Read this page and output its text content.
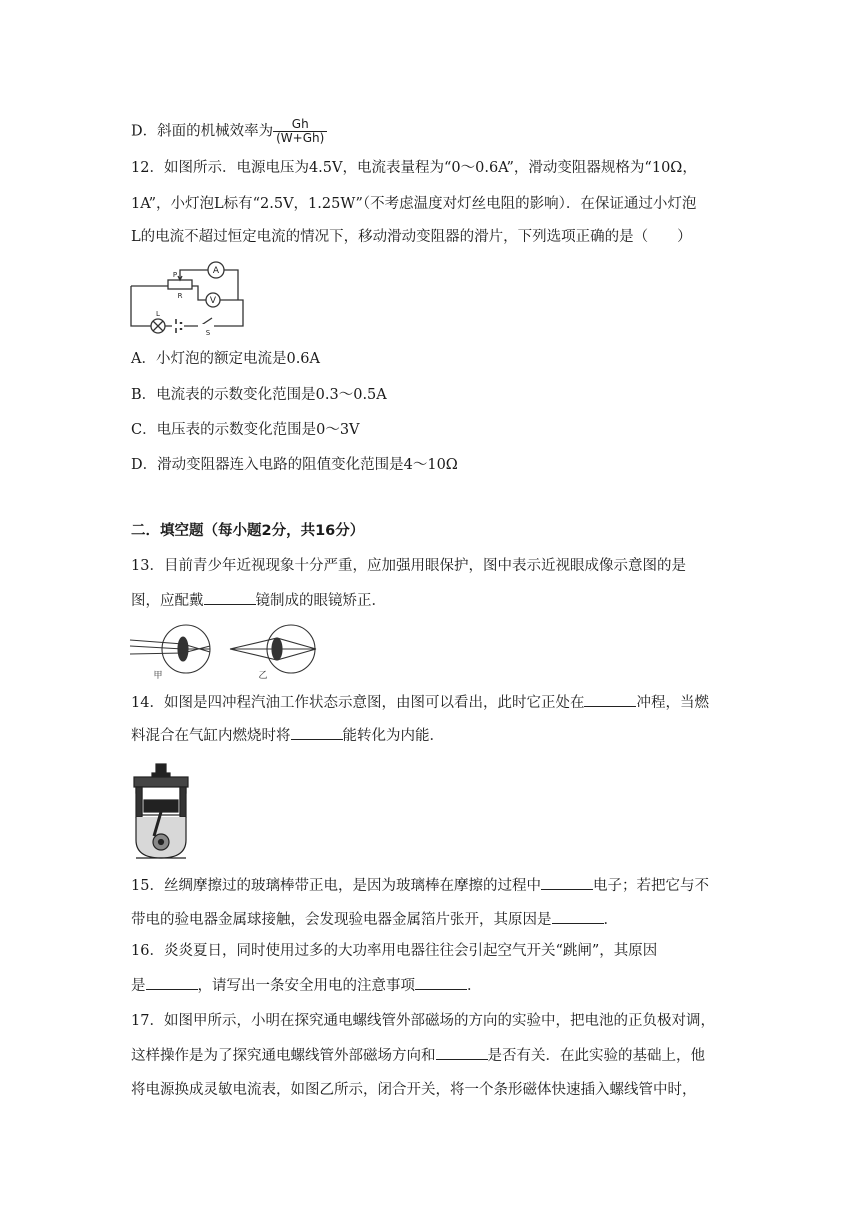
D．斜面的机械效率为 $\frac{Gh}{(W+Gh)}$
12．如图所示．电源电压为4.5V，电流表量程为“0～0.6A”，滑动变阻器规格为“10Ω，
1A”，小灯泡L标有“2.5V，1.25W”（不考虑温度对灯丝电阻的影响）．在保证通过小灯泡
L的电流不超过恒定电流的情况下，移动滑动变阻器的滑片，下列选项正确的是（　　）
A
V
P
R
L
S
A．小灯泡的额定电流是0.6A
B．电流表的示数变化范围是0.3～0.5A
C．电压表的示数变化范围是0～3V
D．滑动变阻器连入电路的阻值变化范围是4～10Ω
二．填空题（每小题2分，共16分）
13．目前青少年近视现象十分严重，应加强用眼保护，图中表示近视眼成像示意图的是
图，应配戴	镜制成的眼镜矫正．
甲	乙
14．如图是四冲程汽油工作状态示意图，由图可以看出，此时它正处在	冲程，当燃
料混合在气缸内燃烧时将	能转化为内能．
15．丝绸摩擦过的玻璃棒带正电，是因为玻璃棒在摩擦的过程中	电子；若把它与不
带电的验电器金属球接触，会发现验电器金属箔片张开，其原因是	．
16．炎炎夏日，同时使用过多的大功率用电器往往会引起空气开关“跳闸”，其原因
是	，请写出一条安全用电的注意事项	．
17．如图甲所示，小明在探究通电螺线管外部磁场的方向的实验中，把电池的正负极对调，
这样操作是为了探究通电螺线管外部磁场方向和	是否有关．在此实验的基础上，他
将电源换成灵敏电流表，如图乙所示，闭合开关，将一个条形磁体快速插入螺线管中时，
